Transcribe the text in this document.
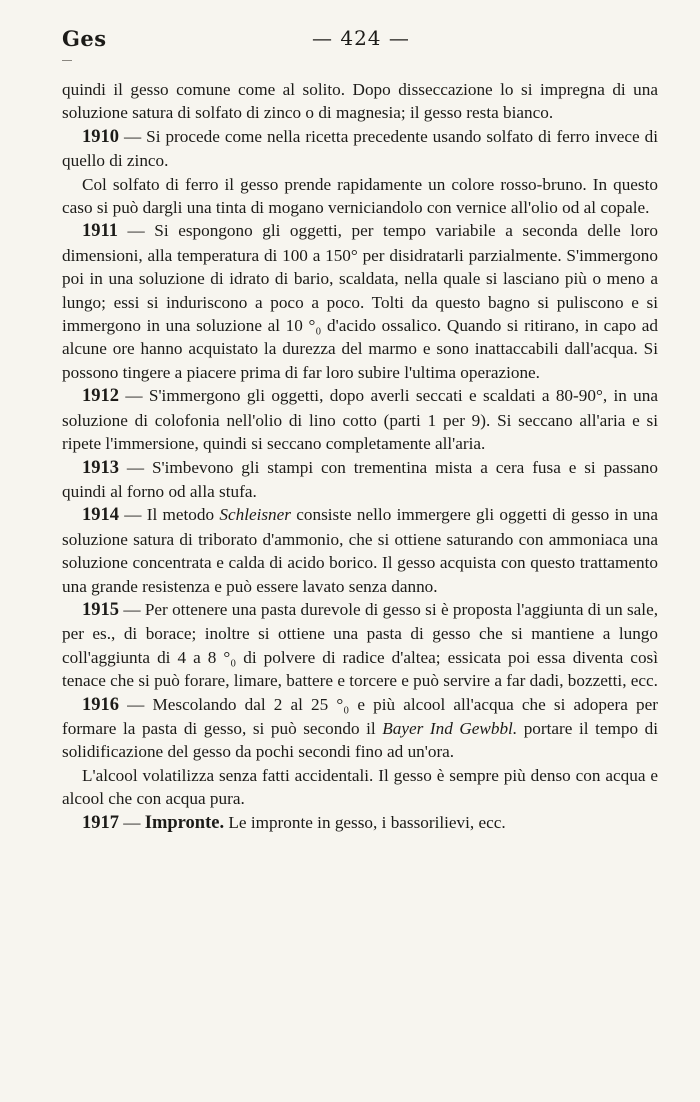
Ges	— 424 —

quindi il gesso comune come al solito. Dopo disseccazione lo si impregna di una soluzione satura di solfato di zinco o di magnesia; il gesso resta bianco.

1910 — Si procede come nella ricetta precedente usando solfato di ferro invece di quello di zinco.

Col solfato di ferro il gesso prende rapidamente un colore rosso-bruno. In questo caso si può dargli una tinta di mogano verniciandolo con vernice all'olio od al copale.

1911 — Si espongono gli oggetti, per tempo variabile a seconda delle loro dimensioni, alla temperatura di 100 a 150° per disidratarli parzialmente. S'immergono poi in una soluzione di idrato di bario, scaldata, nella quale si lasciano più o meno a lungo; essi si induriscono a poco a poco. Tolti da questo bagno si puliscono e si immergono in una soluzione al 10 °₀ d'acido ossalico. Quando si ritirano, in capo ad alcune ore hanno acquistato la durezza del marmo e sono inattaccabili dall'acqua. Si possono tingere a piacere prima di far loro subire l'ultima operazione.

1912 — S'immergono gli oggetti, dopo averli seccati e scaldati a 80-90°, in una soluzione di colofonia nell'olio di lino cotto (parti 1 per 9). Si seccano all'aria e si ripete l'immersione, quindi si seccano completamente all'aria.

1913 — S'imbevono gli stampi con trementina mista a cera fusa e si passano quindi al forno od alla stufa.

1914 — Il metodo Schleisner consiste nello immergere gli oggetti di gesso in una soluzione satura di triborato d'ammonio, che si ottiene saturando con ammoniaca una soluzione concentrata e calda di acido borico. Il gesso acquista con questo trattamento una grande resistenza e può essere lavato senza danno.

1915 — Per ottenere una pasta durevole di gesso si è proposta l'aggiunta di un sale, per es., di borace; inoltre si ottiene una pasta di gesso che si mantiene a lungo coll'aggiunta di 4 a 8 °₀ di polvere di radice d'altea; essicata poi essa diventa così tenace che si può forare, limare, battere e torcere e può servire a far dadi, bozzetti, ecc.

1916 — Mescolando dal 2 al 25 °₀ e più alcool all'acqua che si adopera per formare la pasta di gesso, si può secondo il Bayer Ind Gewbbl. portare il tempo di solidificazione del gesso da pochi secondi fino ad un'ora.

L'alcool volatilizza senza fatti accidentali. Il gesso è sempre più denso con acqua e alcool che con acqua pura.

1917 — Impronte. Le impronte in gesso, i bassorilievi, ecc.
